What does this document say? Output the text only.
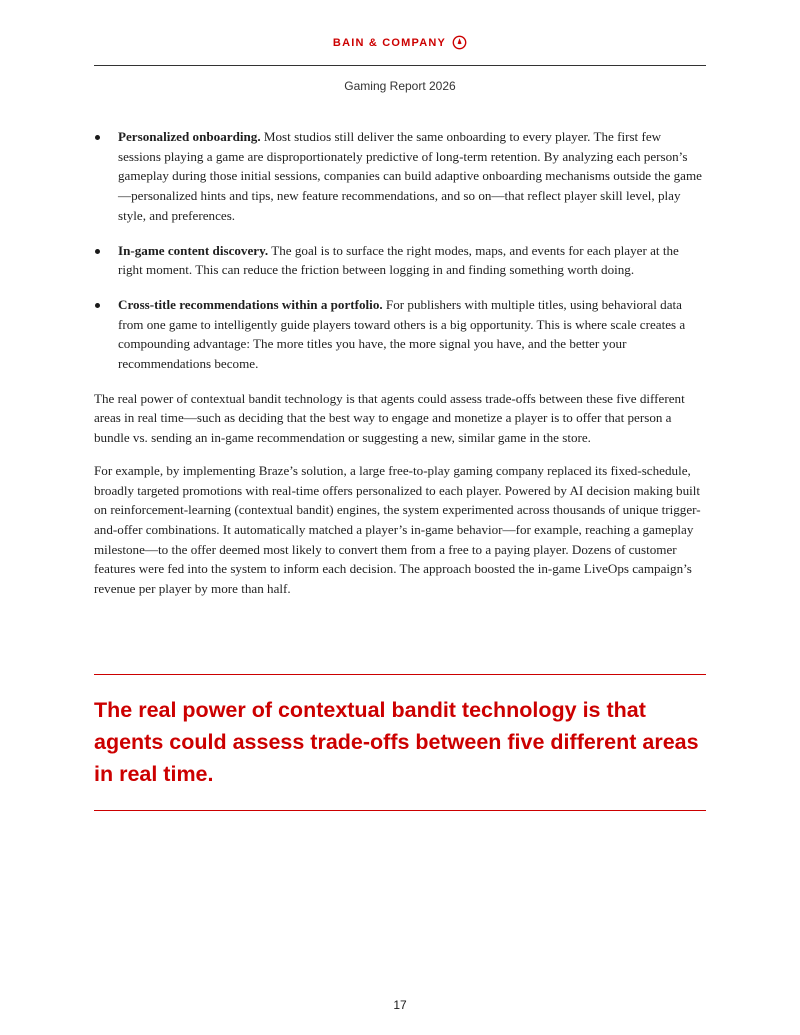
BAIN & COMPANY
Gaming Report 2026
Personalized onboarding. Most studios still deliver the same onboarding to every player. The first few sessions playing a game are disproportionately predictive of long-term retention. By analyzing each person’s gameplay during those initial sessions, companies can build adaptive onboarding mechanisms outside the game—personalized hints and tips, new feature recommendations, and so on—that reflect player skill level, play style, and preferences.
In-game content discovery. The goal is to surface the right modes, maps, and events for each player at the right moment. This can reduce the friction between logging in and finding something worth doing.
Cross-title recommendations within a portfolio. For publishers with multiple titles, using behavioral data from one game to intelligently guide players toward others is a big opportunity. This is where scale creates a compounding advantage: The more titles you have, the more signal you have, and the better your recommendations become.

The real power of contextual bandit technology is that agents could assess trade-offs between these five different areas in real time—such as deciding that the best way to engage and monetize a player is to offer that person a bundle vs. sending an in-game recommendation or suggesting a new, similar game in the store.

For example, by implementing Braze’s solution, a large free-to-play gaming company replaced its fixed-schedule, broadly targeted promotions with real-time offers personalized to each player. Powered by AI decision making built on reinforcement-learning (contextual bandit) engines, the system experimented across thousands of unique trigger-and-offer combinations. It automatically matched a player’s in-game behavior—for example, reaching a gameplay milestone—to the offer deemed most likely to convert them from a free to a paying player. Dozens of customer features were fed into the system to inform each decision. The approach boosted the in-game LiveOps campaign’s revenue per player by more than half.

The real power of contextual bandit technology is that agents could assess trade-offs between five different areas in real time.
17
